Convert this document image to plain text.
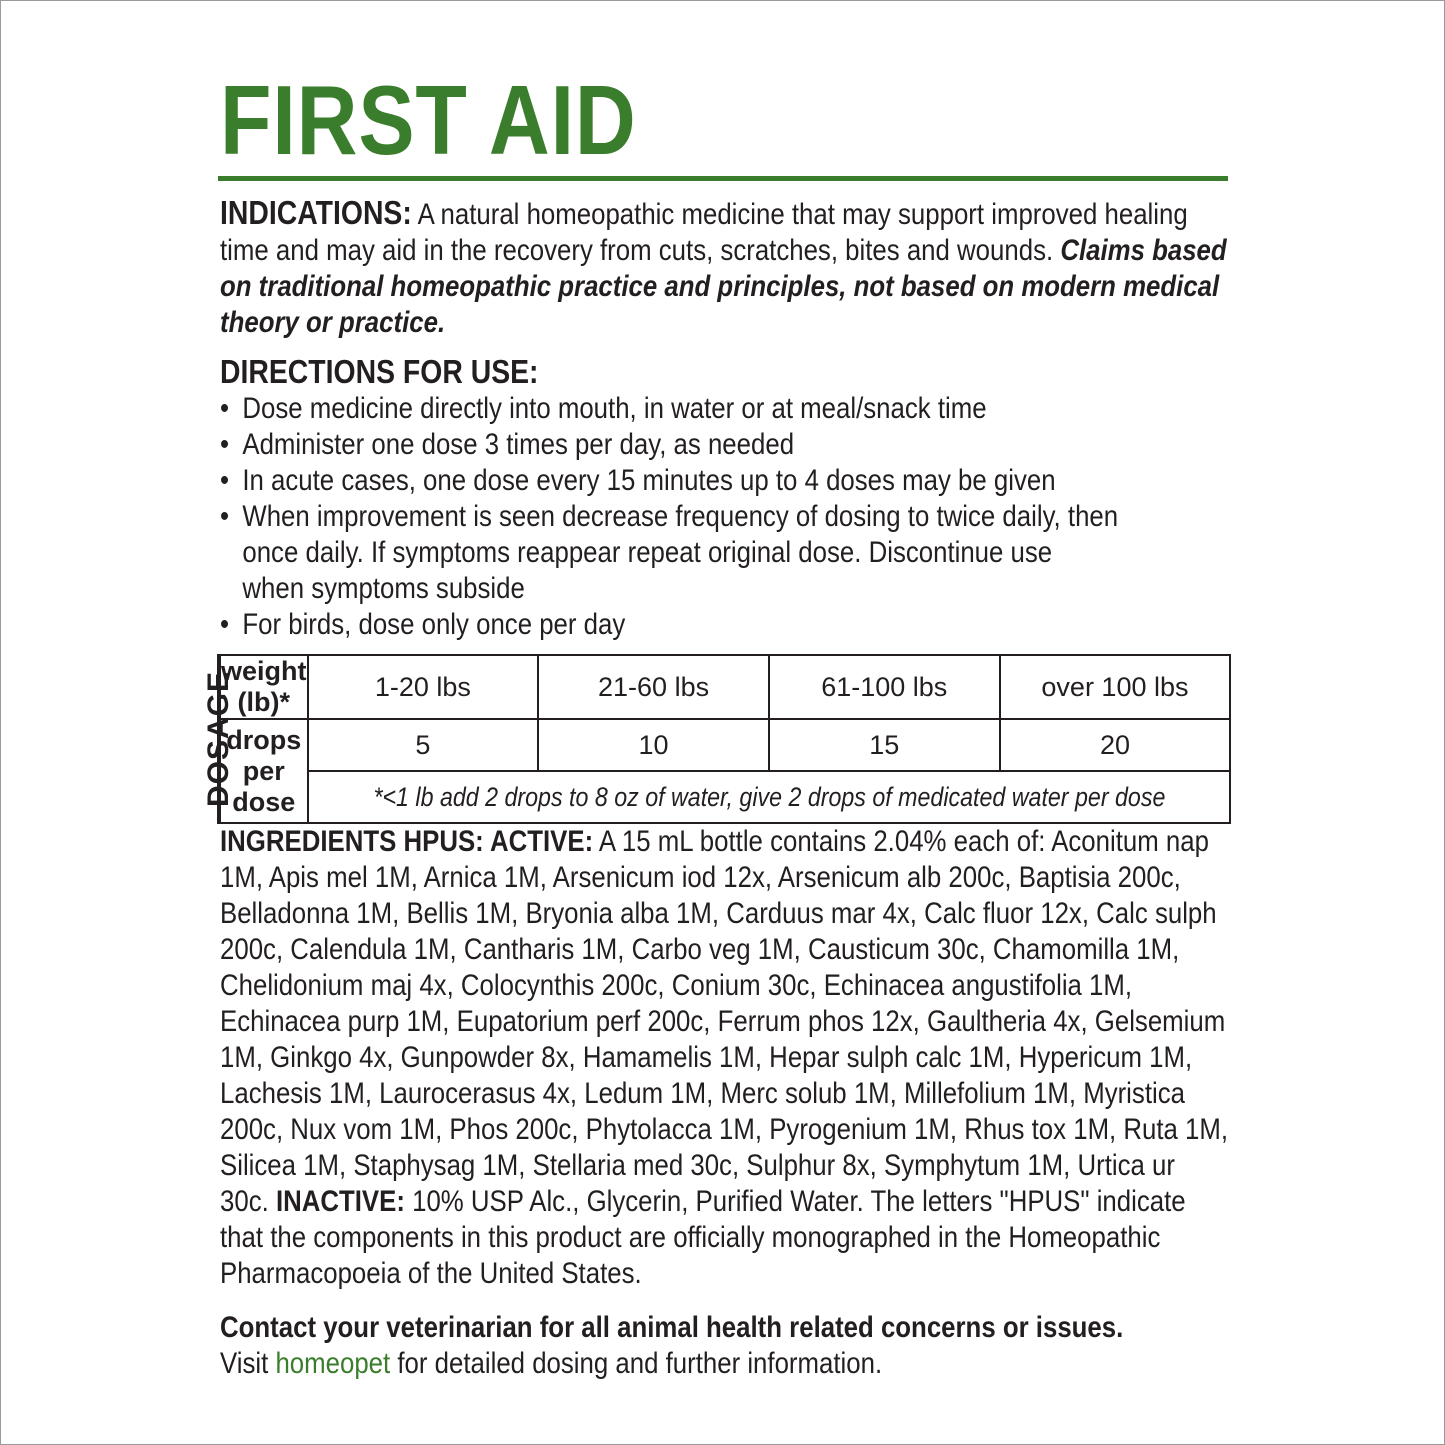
FIRST AID

INDICATIONS: A natural homeopathic medicine that may support improved healing time and may aid in the recovery from cuts, scratches, bites and wounds. Claims based on traditional homeopathic practice and principles, not based on modern medical theory or practice.

DIRECTIONS FOR USE:
• Dose medicine directly into mouth, in water or at meal/snack time
• Administer one dose 3 times per day, as needed
• In acute cases, one dose every 15 minutes up to 4 doses may be given
• When improvement is seen decrease frequency of dosing to twice daily, then once daily. If symptoms reappear repeat original dose. Discontinue use when symptoms subside
• For birds, dose only once per day
DOSAGE	weight (lb)*	1-20 lbs	21-60 lbs	61-100 lbs	over 100 lbs
	drops per dose	5	10	15	20
		*<1 lb add 2 drops to 8 oz of water, give 2 drops of medicated water per dose			

INGREDIENTS HPUS: ACTIVE: A 15 mL bottle contains 2.04% each of: Aconitum nap 1M, Apis mel 1M, Arnica 1M, Arsenicum iod 12x, Arsenicum alb 200c, Baptisia 200c, Belladonna 1M, Bellis 1M, Bryonia alba 1M, Carduus mar 4x, Calc fluor 12x, Calc sulph 200c, Calendula 1M, Cantharis 1M, Carbo veg 1M, Causticum 30c, Chamomilla 1M, Chelidonium maj 4x, Colocynthis 200c, Conium 30c, Echinacea angustifolia 1M, Echinacea purp 1M, Eupatorium perf 200c, Ferrum phos 12x, Gaultheria 4x, Gelsemium 1M, Ginkgo 4x, Gunpowder 8x, Hamamelis 1M, Hepar sulph calc 1M, Hypericum 1M, Lachesis 1M, Laurocerasus 4x, Ledum 1M, Merc solub 1M, Millefolium 1M, Myristica 200c, Nux vom 1M, Phos 200c, Phytolacca 1M, Pyrogenium 1M, Rhus tox 1M, Ruta 1M, Silicea 1M, Staphysag 1M, Stellaria med 30c, Sulphur 8x, Symphytum 1M, Urtica ur 30c. INACTIVE: 10% USP Alc., Glycerin, Purified Water. The letters "HPUS" indicate that the components in this product are officially monographed in the Homeopathic Pharmacopoeia of the United States.

Contact your veterinarian for all animal health related concerns or issues.

Visit homeopet for detailed dosing and further information.
